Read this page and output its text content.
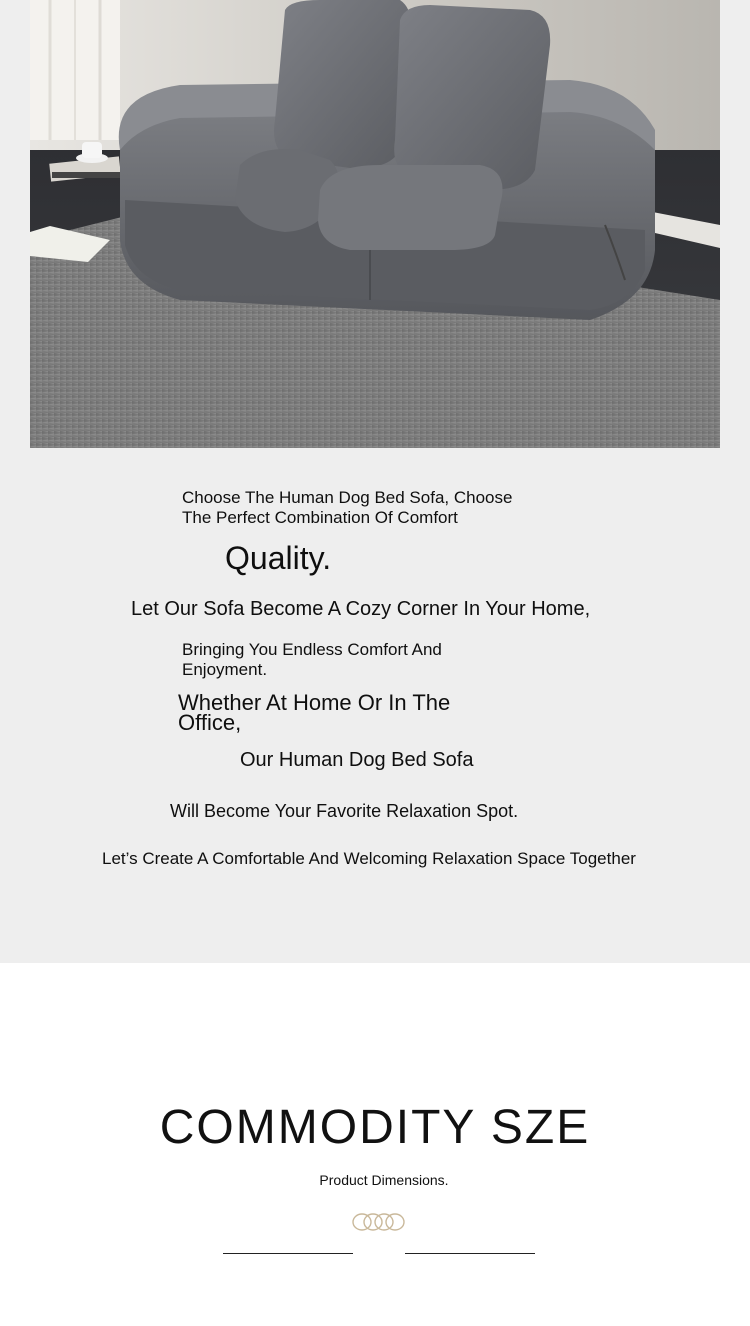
Choose The Human Dog Bed Sofa, Choose

The Perfect Combination Of Comfort

Quality.

Let Our Sofa Become A Cozy Corner In Your Home,

Bringing You Endless Comfort And

Enjoyment.

Whether At Home Or In The

Office,

Our Human Dog Bed Sofa

Will Become Your Favorite Relaxation Spot.

Let’s Create A Comfortable And Welcoming Relaxation Space Together

COMMODITY SZE
Product Dimensions.
